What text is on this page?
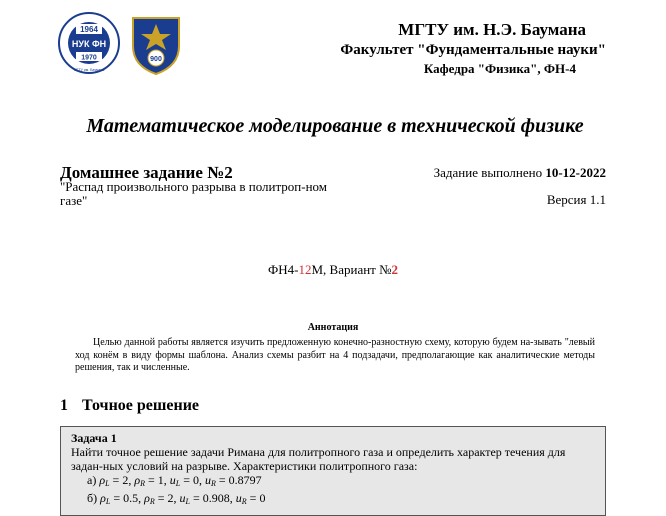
1964
НУК ФН
1970
МГТУ им. Баумана
900
МГТУ им. Н.Э. Баумана
Факультет "Фундаментальные науки"
Кафедра "Физика", ФН-4
Математическое моделирование в технической физике
Домашнее задание №2
"Распад произвольного разрыва в политроп-ном газе"
Задание выполнено 10-12-2022
Версия 1.1
ФН4-12М, Вариант №2
Аннотация
Целью данной работы является изучить предложенную конечно-разностную схему, которую будем на-зывать "левый ход конём в виду формы шаблона. Анализ схемы разбит на 4 подзадачи, предполагающие как аналитические методы решения, так и численные.
1 Точное решение
Задача 1
Найти точное решение задачи Римана для политропного газа и определить характер течения для задан-ных условий на разрыве. Характеристики политропного газа:
а) $\rho_L = 2$, $\rho_R = 1$, $u_L = 0$, $u_R = 0.8797$
б) $\rho_L = 0.5$, $\rho_R = 2$, $u_L = 0.908$, $u_R = 0$
